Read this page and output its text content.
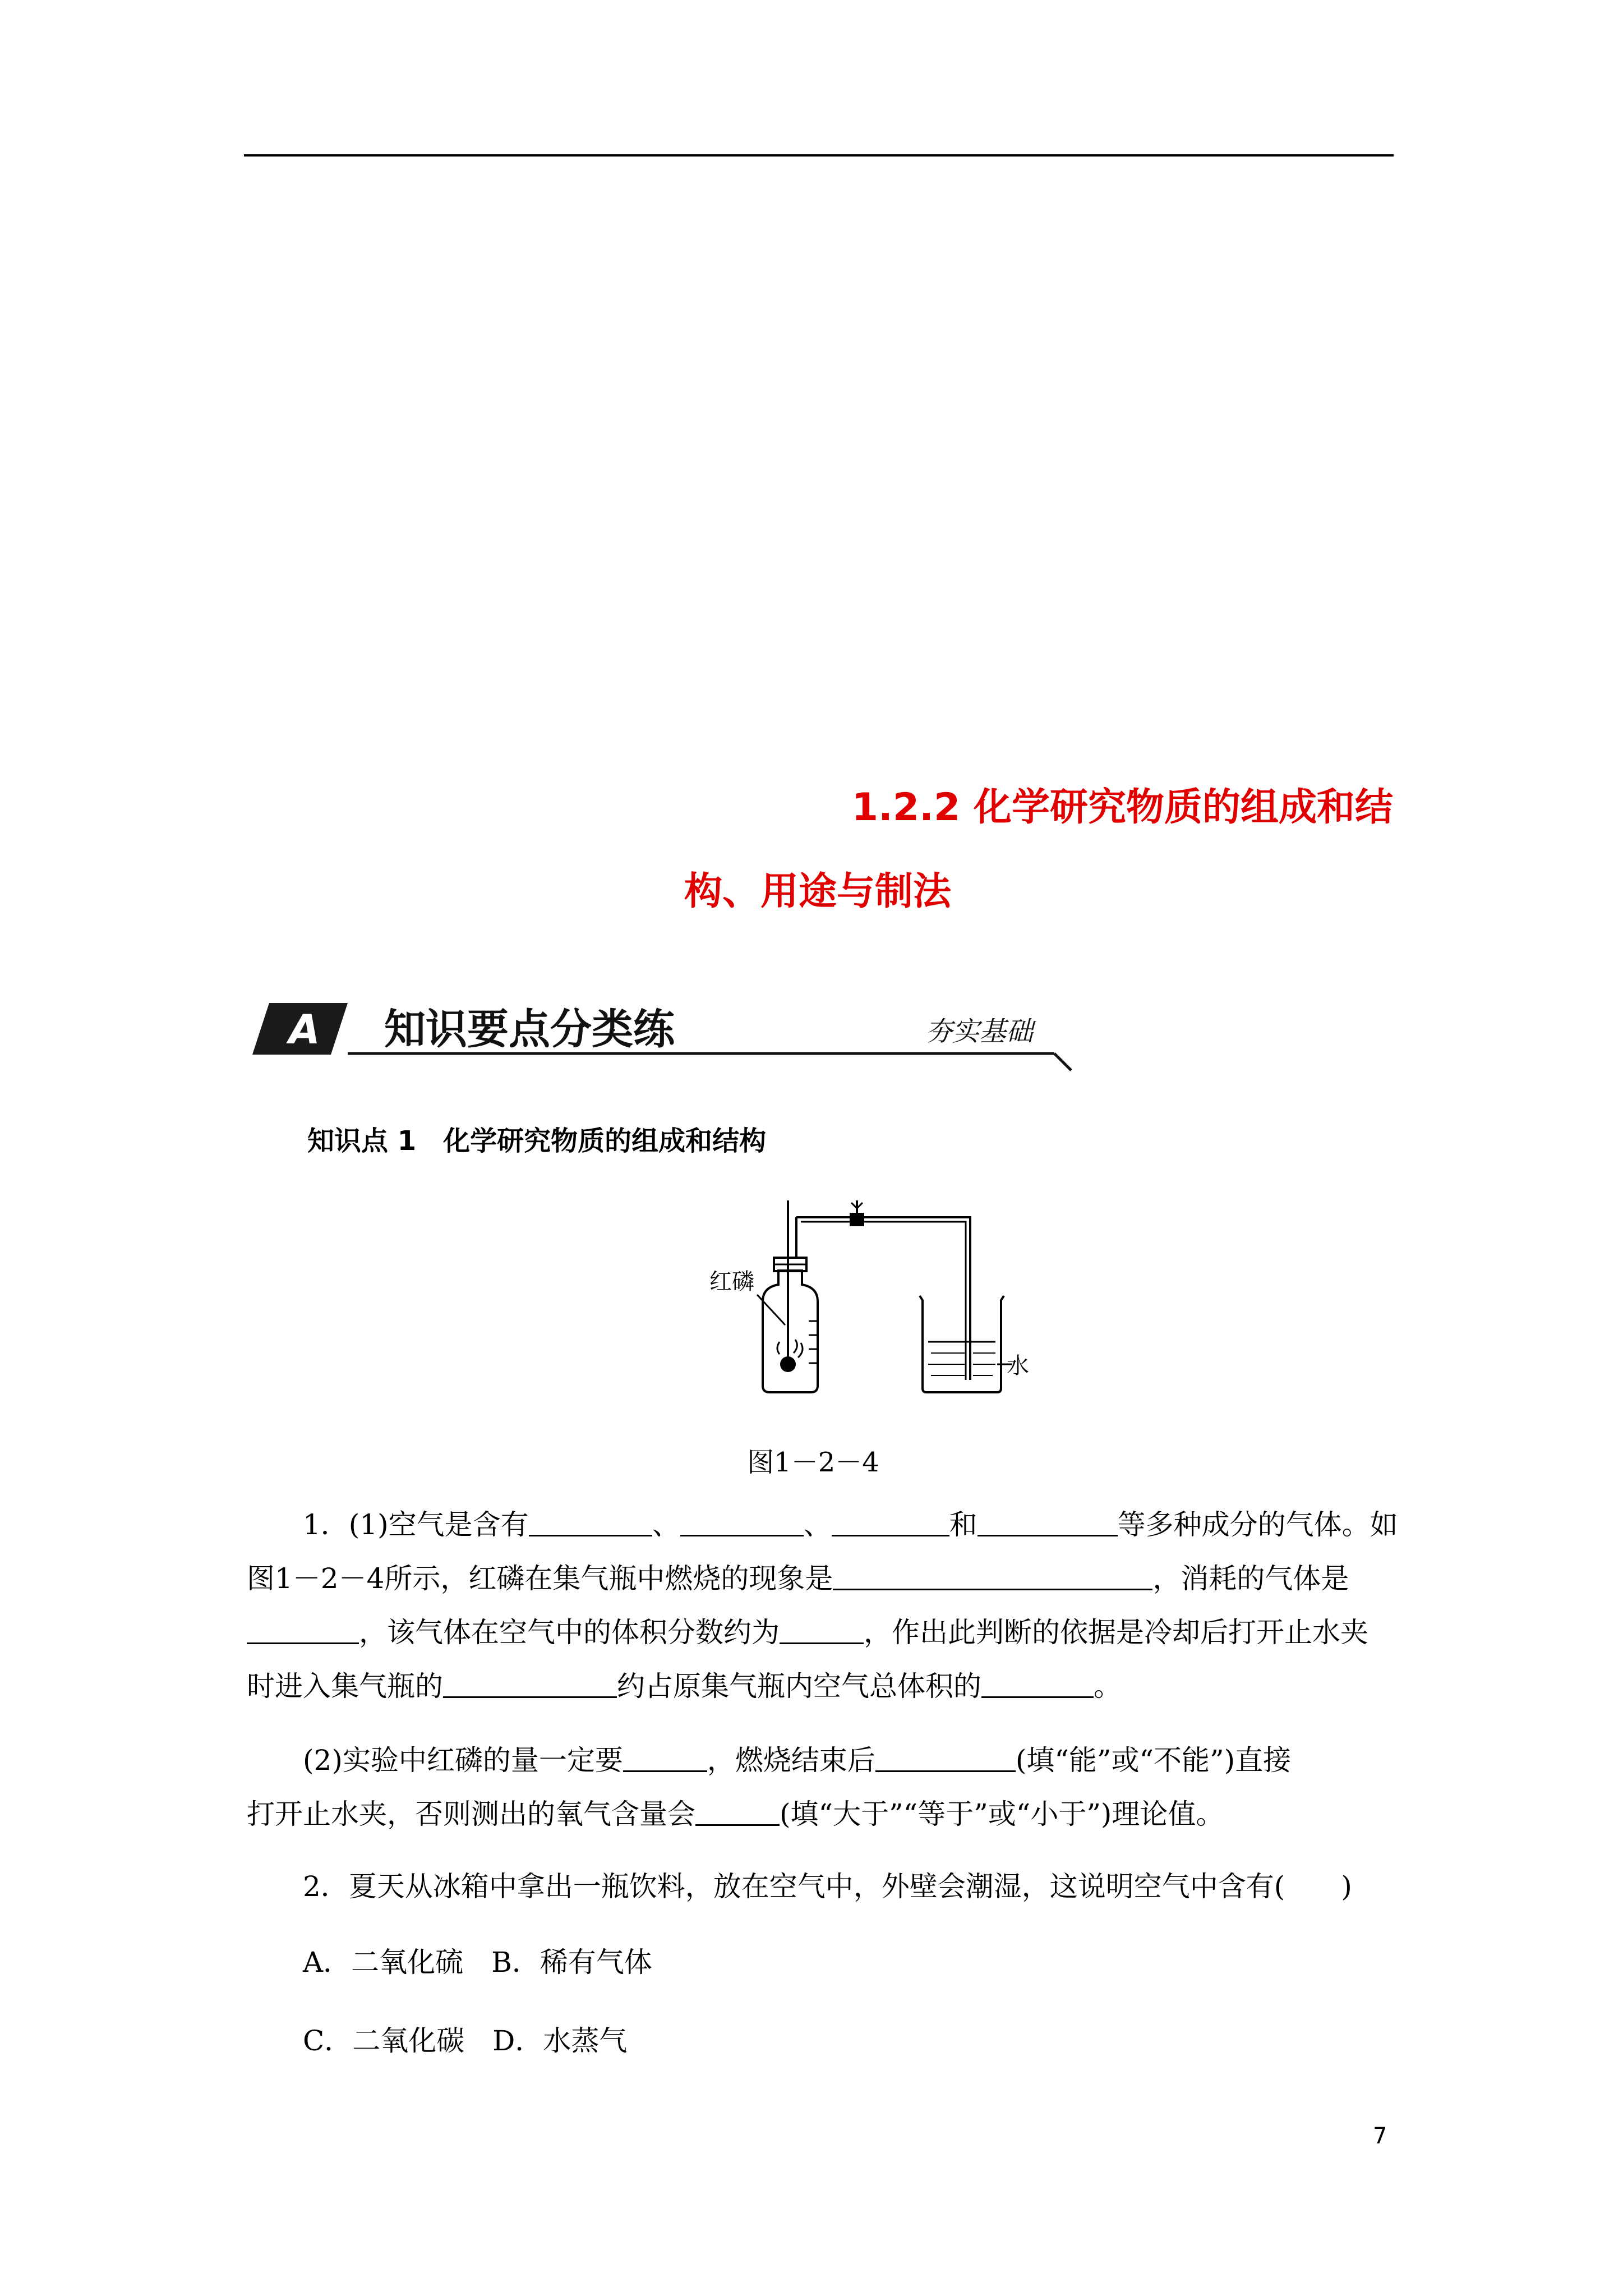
1.2.2 化学研究物质的组成和结
构、用途与制法
A 知识要点分类练	夯实基础
知识点 1　化学研究物质的组成和结构
红磷
水
图1－2－4

1．(1)空气是含有	、	、	和	等多种成分的气体。如

图1－2－4所示，红磷在集气瓶中燃烧的现象是	，消耗的气体是

，该气体在空气中的体积分数约为	，作出此判断的依据是冷却后打开止水夹

时进入集气瓶的	约占原集气瓶内空气总体积的	。

(2)实验中红磷的量一定要	，燃烧结束后	(填“能”或“不能”)直接

打开止水夹，否则测出的氧气含量会	(填“大于”“等于”或“小于”)理论值。

2．夏天从冰箱中拿出一瓶饮料，放在空气中，外壁会潮湿，这说明空气中含有(　　)

A．二氧化硫　B．稀有气体

C．二氧化碳　D．水蒸气

7
